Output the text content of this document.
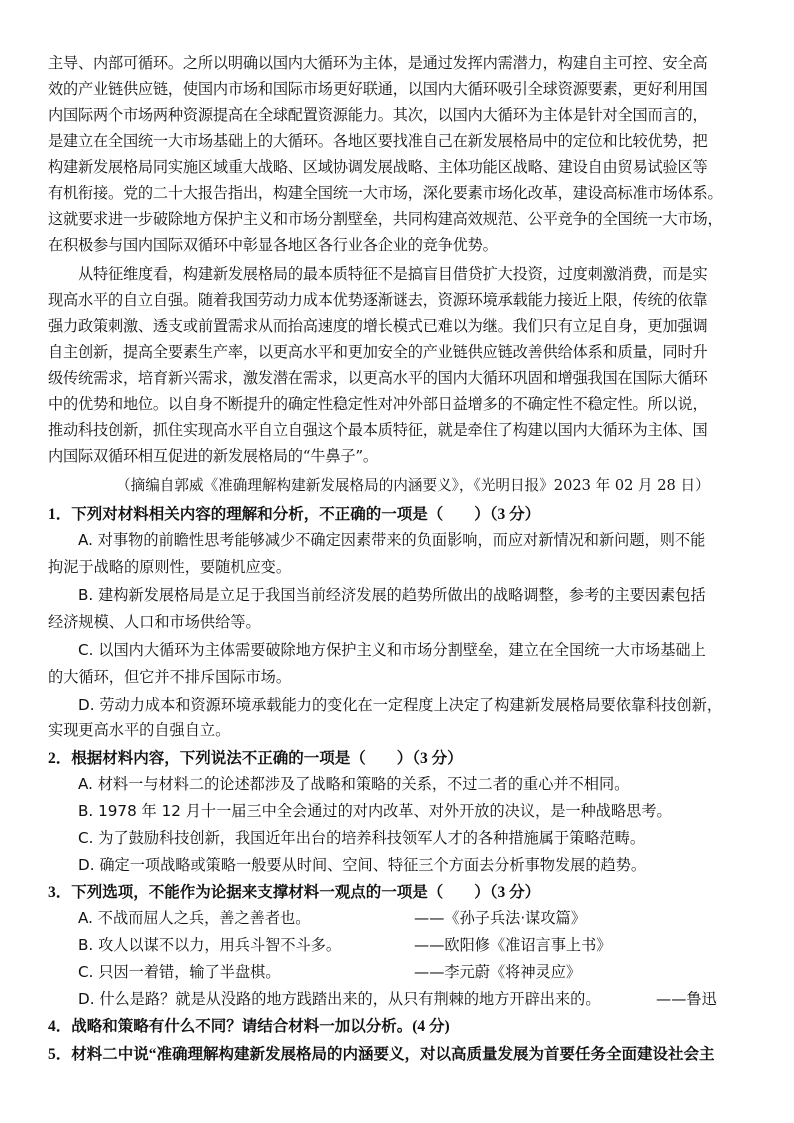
主导、内部可循环。之所以明确以国内大循环为主体，是通过发挥内需潜力，构建自主可控、安全高
效的产业链供应链，使国内市场和国际市场更好联通，以国内大循环吸引全球资源要素，更好利用国
内国际两个市场两种资源提高在全球配置资源能力。其次，以国内大循环为主体是针对全国而言的，
是建立在全国统一大市场基础上的大循环。各地区要找准自己在新发展格局中的定位和比较优势，把
构建新发展格局同实施区域重大战略、区域协调发展战略、主体功能区战略、建设自由贸易试验区等
有机衔接。党的二十大报告指出，构建全国统一大市场，深化要素市场化改革，建设高标准市场体系。
这就要求进一步破除地方保护主义和市场分割壁垒，共同构建高效规范、公平竞争的全国统一大市场，
在积极参与国内国际双循环中彰显各地区各行业各企业的竞争优势。
从特征维度看，构建新发展格局的最本质特征不是搞盲目借贷扩大投资，过度刺激消费，而是实
现高水平的自立自强。随着我国劳动力成本优势逐渐谜去，资源环境承载能力接近上限，传统的依靠
强力政策刺激、透支或前置需求从而抬高速度的增长模式已难以为继。我们只有立足自身，更加强调
自主创新，提高全要素生产率，以更高水平和更加安全的产业链供应链改善供给体系和质量，同时升
级传统需求，培育新兴需求，激发潜在需求，以更高水平的国内大循环巩固和增强我国在国际大循环
中的优势和地位。以自身不断提升的确定性稳定性对冲外部日益增多的不确定性不稳定性。所以说，
推动科技创新，抓住实现高水平自立自强这个最本质特征，就是牵住了构建以国内大循环为主体、国
内国际双循环相互促进的新发展格局的“牛鼻子”。
（摘编自郭威《准确理解构建新发展格局的内涵要义》，《光明日报》2023 年 02 月 28 日）
1．下列对材料相关内容的理解和分析，不正确的一项是（　　）（3 分）
A. 对事物的前瞻性思考能够减少不确定因素带来的负面影响，而应对新情况和新问题，则不能
拘泥于战略的原则性，要随机应变。
B. 建构新发展格局是立足于我国当前经济发展的趋势所做出的战略调整，参考的主要因素包括
经济规模、人口和市场供给等。
C. 以国内大循环为主体需要破除地方保护主义和市场分割壁垒，建立在全国统一大市场基础上
的大循环，但它并不排斥国际市场。
D. 劳动力成本和资源环境承载能力的变化在一定程度上决定了构建新发展格局要依靠科技创新，
实现更高水平的自强自立。
2．根据材料内容，下列说法不正确的一项是（　　）（3 分）
A. 材料一与材料二的论述都涉及了战略和策略的关系，不过二者的重心并不相同。
B. 1978 年 12 月十一届三中全会通过的对内改革、对外开放的决议，是一种战略思考。
C. 为了鼓励科技创新，我国近年出台的培养科技领军人才的各种措施属于策略范畴。
D. 确定一项战略或策略一般要从时间、空间、特征三个方面去分析事物发展的趋势。
3．下列选项，不能作为论据来支撑材料一观点的一项是（　　）（3 分）
A. 不战而屈人之兵，善之善者也。	——《孙子兵法·谋攻篇》
B. 攻人以谋不以力，用兵斗智不斗多。	——欧阳修《准诏言事上书》
C. 只因一着错，输了半盘棋。	——李元蔚《将神灵应》
D. 什么是路？就是从没路的地方践踏出来的，从只有荆棘的地方开辟出来的。	——鲁迅
4．战略和策略有什么不同？请结合材料一加以分析。(4 分)
5．材料二中说“准确理解构建新发展格局的内涵要义，对以高质量发展为首要任务全面建设社会主
